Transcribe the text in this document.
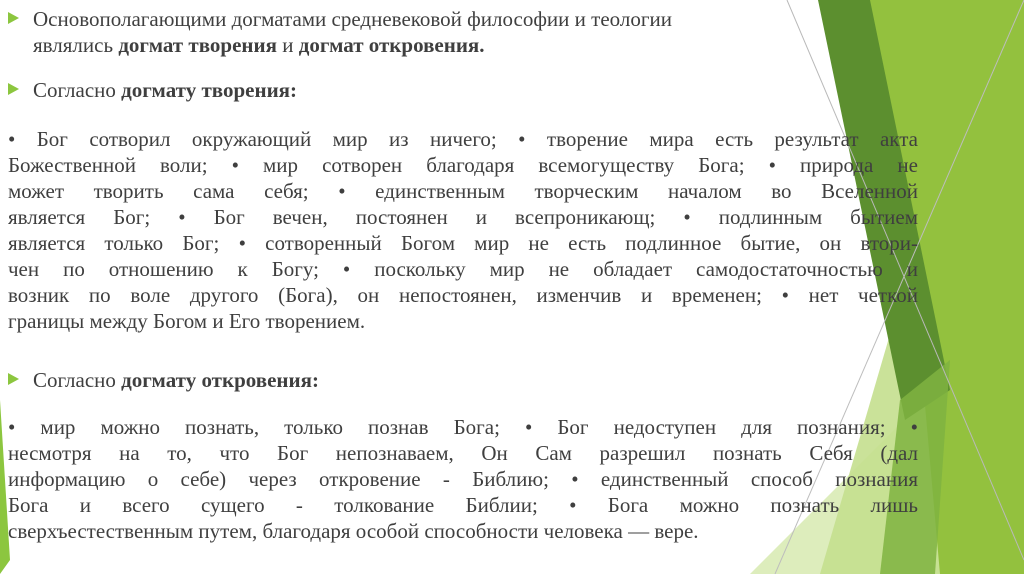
Основополагающими догматами средневековой философии и теологии
являлись догмат творения и догмат откровения.
Согласно догмату творения:
• Бог сотворил окружающий мир из ничего; • творение мира есть результат акта
Божественной воли; • мир сотворен благодаря всемогуществу Бога; • природа не
может творить сама себя; • единственным творческим началом во Вселенной
является Бог; • Бог вечен, постоянен и всепроникающ; • подлинным бытием
является только Бог; • сотворенный Богом мир не есть подлинное бытие, он втори-
чен по отношению к Богу; • поскольку мир не обладает самодостаточностью и
возник по воле другого (Бога), он непостоянен, изменчив и временен; • нет четкой
границы между Богом и Его творением.
Согласно догмату откровения:
• мир можно познать, только познав Бога; • Бог недоступен для познания; •
несмотря на то, что Бог непознаваем, Он Сам разрешил познать Себя (дал
информацию о себе) через откровение - Библию; • единственный способ познания
Бога и всего сущего - толкование Библии; • Бога можно познать лишь
сверхъестественным путем, благодаря особой способности человека — вере.
